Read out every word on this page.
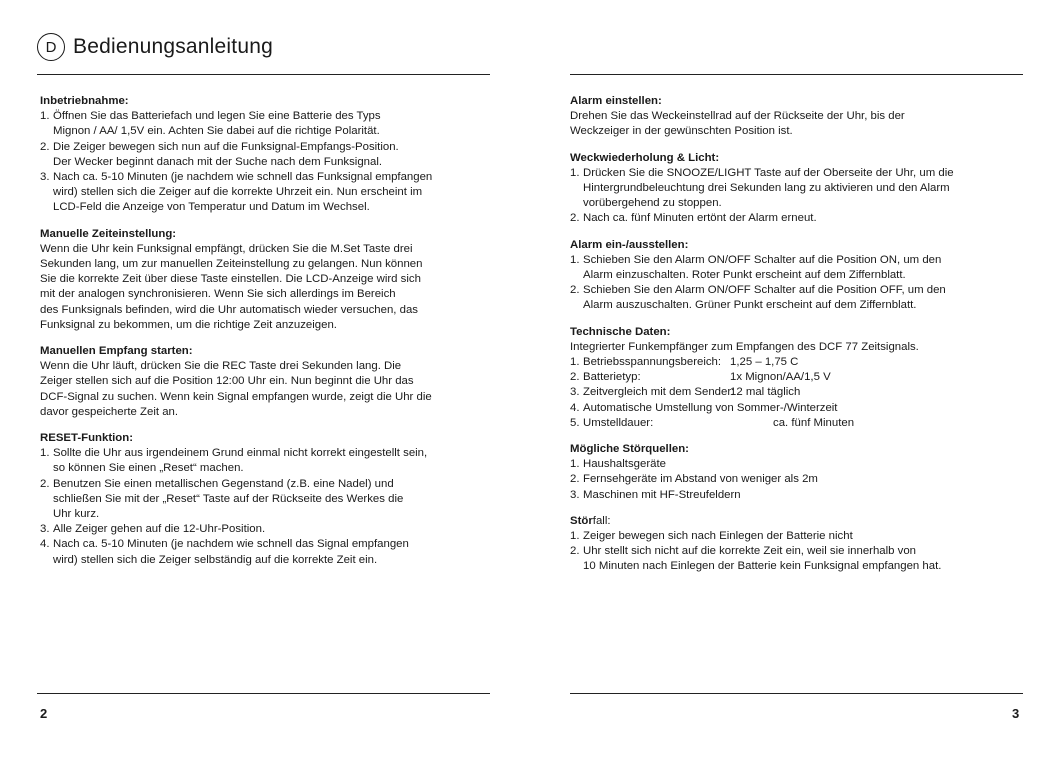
D Bedienungsanleitung
Inbetriebnahme:
1. Öffnen Sie das Batteriefach und legen Sie eine Batterie des Typs
Mignon / AA/ 1,5V ein. Achten Sie dabei auf die richtige Polarität.
2. Die Zeiger bewegen sich nun auf die Funksignal-Empfangs-Position.
Der Wecker beginnt danach mit der Suche nach dem Funksignal.
3. Nach ca. 5-10 Minuten (je nachdem wie schnell das Funksignal empfangen
wird) stellen sich die Zeiger auf die korrekte Uhrzeit ein. Nun erscheint im
LCD-Feld die Anzeige von Temperatur und Datum im Wechsel.
Manuelle Zeiteinstellung:
Wenn die Uhr kein Funksignal empfängt, drücken Sie die M.Set Taste drei
Sekunden lang, um zur manuellen Zeiteinstellung zu gelangen. Nun können
Sie die korrekte Zeit über diese Taste einstellen. Die LCD-Anzeige wird sich
mit der analogen synchronisieren. Wenn Sie sich allerdings im Bereich
des Funksignals befinden, wird die Uhr automatisch wieder versuchen, das
Funksignal zu bekommen, um die richtige Zeit anzuzeigen.
Manuellen Empfang starten:
Wenn die Uhr läuft, drücken Sie die REC Taste drei Sekunden lang. Die
Zeiger stellen sich auf die Position 12:00 Uhr ein. Nun beginnt die Uhr das
DCF-Signal zu suchen. Wenn kein Signal empfangen wurde, zeigt die Uhr die
davor gespeicherte Zeit an.
RESET-Funktion:
1. Sollte die Uhr aus irgendeinem Grund einmal nicht korrekt eingestellt sein,
so können Sie einen „Reset“ machen.
2. Benutzen Sie einen metallischen Gegenstand (z.B. eine Nadel) und
schließen Sie mit der „Reset“ Taste auf der Rückseite des Werkes die
Uhr kurz.
3. Alle Zeiger gehen auf die 12-Uhr-Position.
4. Nach ca. 5-10 Minuten (je nachdem wie schnell das Signal empfangen
wird) stellen sich die Zeiger selbständig auf die korrekte Zeit ein.
Alarm einstellen:
Drehen Sie das Weckeinstellrad auf der Rückseite der Uhr, bis der
Weckzeiger in der gewünschten Position ist.
Weckwiederholung & Licht:
1. Drücken Sie die SNOOZE/LIGHT Taste auf der Oberseite der Uhr, um die
Hintergrundbeleuchtung drei Sekunden lang zu aktivieren und den Alarm
vorübergehend zu stoppen.
2. Nach ca. fünf Minuten ertönt der Alarm erneut.
Alarm ein-/ausstellen:
1. Schieben Sie den Alarm ON/OFF Schalter auf die Position ON, um den
Alarm einzuschalten. Roter Punkt erscheint auf dem Ziffernblatt.
2. Schieben Sie den Alarm ON/OFF Schalter auf die Position OFF, um den
Alarm auszuschalten. Grüner Punkt erscheint auf dem Ziffernblatt.
Technische Daten:
Integrierter Funkempfänger zum Empfangen des DCF 77 Zeitsignals.
1. Betriebsspannungsbereich: 1,25 – 1,75 C
2. Batterietyp:	1x Mignon/AA/1,5 V
3. Zeitvergleich mit dem Sender:
12 mal täglich
4. Automatische Umstellung von Sommer-/Winterzeit
5. Umstelldauer:	ca. fünf Minuten
Mögliche Störquellen:
1. Haushaltsgeräte
2. Fernsehgeräte im Abstand von weniger als 2m
3. Maschinen mit HF-Streufeldern
Störfall:
1. Zeiger bewegen sich nach Einlegen der Batterie nicht
2. Uhr stellt sich nicht auf die korrekte Zeit ein, weil sie innerhalb von
10 Minuten nach Einlegen der Batterie kein Funksignal empfangen hat.
2	3
